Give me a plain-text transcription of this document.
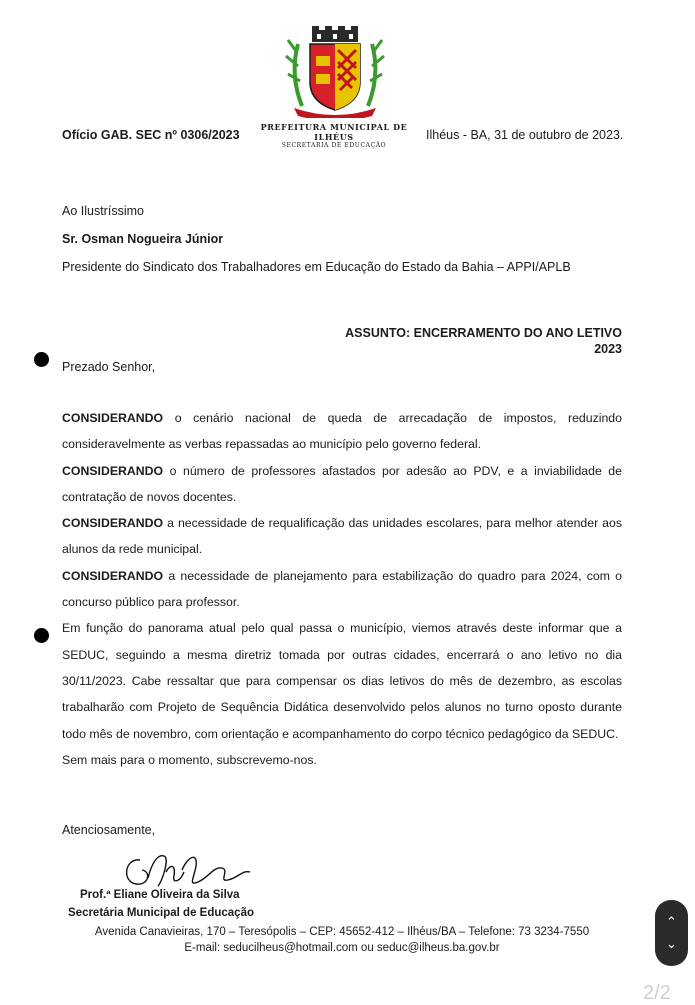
Ofício GAB. SEC nº 0306/2023
PREFEITURA MUNICIPAL DE ILHÉUS
SECRETARIA DE EDUCAÇÃO
Ilhéus - BA, 31 de outubro de 2023.
Ao Ilustríssimo
Sr. Osman Nogueira Júnior
Presidente do Sindicato dos Trabalhadores em Educação do Estado da Bahia – APPI/APLB
ASSUNTO: ENCERRAMENTO DO ANO LETIVO 2023
Prezado Senhor,
CONSIDERANDO o cenário nacional de queda de arrecadação de impostos, reduzindo consideravelmente as verbas repassadas ao município pelo governo federal.
CONSIDERANDO o número de professores afastados por adesão ao PDV, e a inviabilidade de contratação de novos docentes.
CONSIDERANDO a necessidade de requalificação das unidades escolares, para melhor atender aos alunos da rede municipal.
CONSIDERANDO a necessidade de planejamento para estabilização do quadro para 2024, com o concurso público para professor.
Em função do panorama atual pelo qual passa o município, viemos através deste informar que a SEDUC, seguindo a mesma diretriz tomada por outras cidades, encerrará o ano letivo no dia 30/11/2023. Cabe ressaltar que para compensar os dias letivos do mês de dezembro, as escolas trabalharão com Projeto de Sequência Didática desenvolvido pelos alunos no turno oposto durante todo mês de novembro, com orientação e acompanhamento do corpo técnico pedagógico da SEDUC.
Sem mais para o momento, subscrevemo-nos.
Atenciosamente,
Prof.ª Eliane Oliveira da Silva
Secretária Municipal de Educação
Avenida Canavieiras, 170 – Teresópolis – CEP: 45652-412 – Ilhéus/BA – Telefone: 73 3234-7550
E-mail: seducilheus@hotmail.com ou seduc@ilheus.ba.gov.br
⌃
⌄
2/2
